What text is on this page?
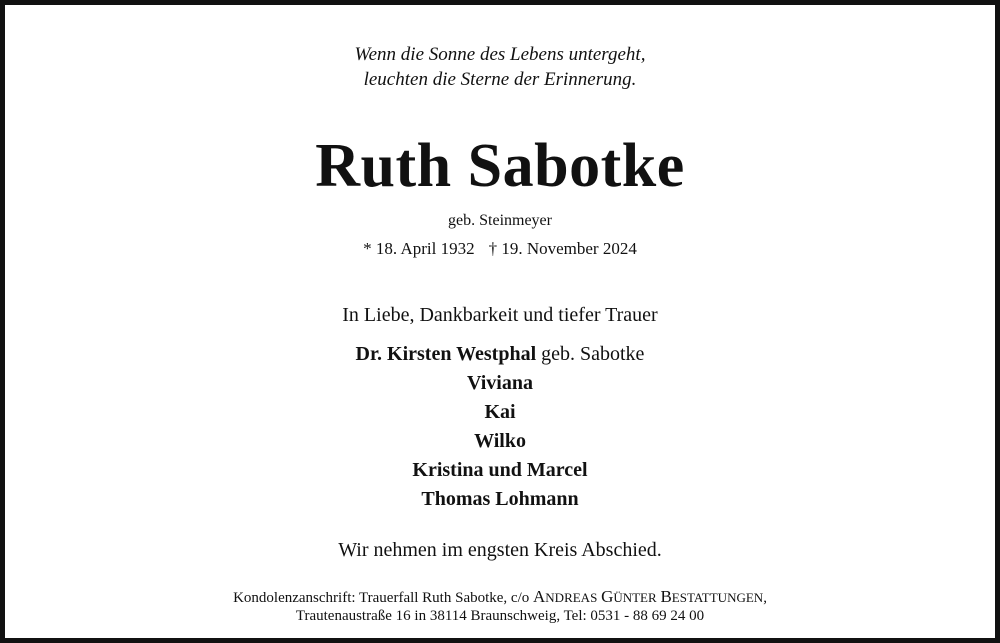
Wenn die Sonne des Lebens untergeht,
leuchten die Sterne der Erinnerung.
Ruth Sabotke
geb. Steinmeyer
* 18. April 1932 † 19. November 2024
In Liebe, Dankbarkeit und tiefer Trauer
Dr. Kirsten Westphal geb. Sabotke
Viviana
Kai
Wilko
Kristina und Marcel
Thomas Lohmann
Wir nehmen im engsten Kreis Abschied.
Kondolenzanschrift: Trauerfall Ruth Sabotke, c/o ANDREAS GÜNTER BESTATTUNGEN,
Trautenaustraße 16 in 38114 Braunschweig, Tel: 0531 - 88 69 24 00
